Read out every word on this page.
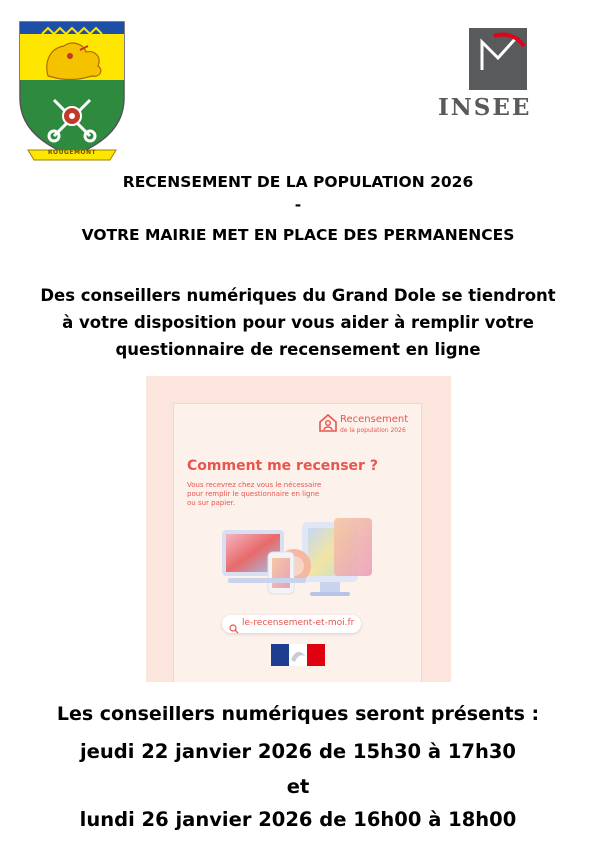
ROUGEMONT
INSEE
RECENSEMENT DE LA POPULATION 2026
-
VOTRE MAIRIE MET EN PLACE DES PERMANENCES
Des conseillers numériques du Grand Dole se tiendront
à votre disposition pour vous aider à remplir votre
questionnaire de recensement en ligne
Recensement
de la population 2026
Comment me recenser ?
Vous recevrez chez vous le nécessaire
pour remplir le questionnaire en ligne
ou sur papier.
le-recensement-et-moi.fr
Les conseillers numériques seront présents :
jeudi 22 janvier 2026 de 15h30 à 17h30
et
lundi 26 janvier 2026 de 16h00 à 18h00
